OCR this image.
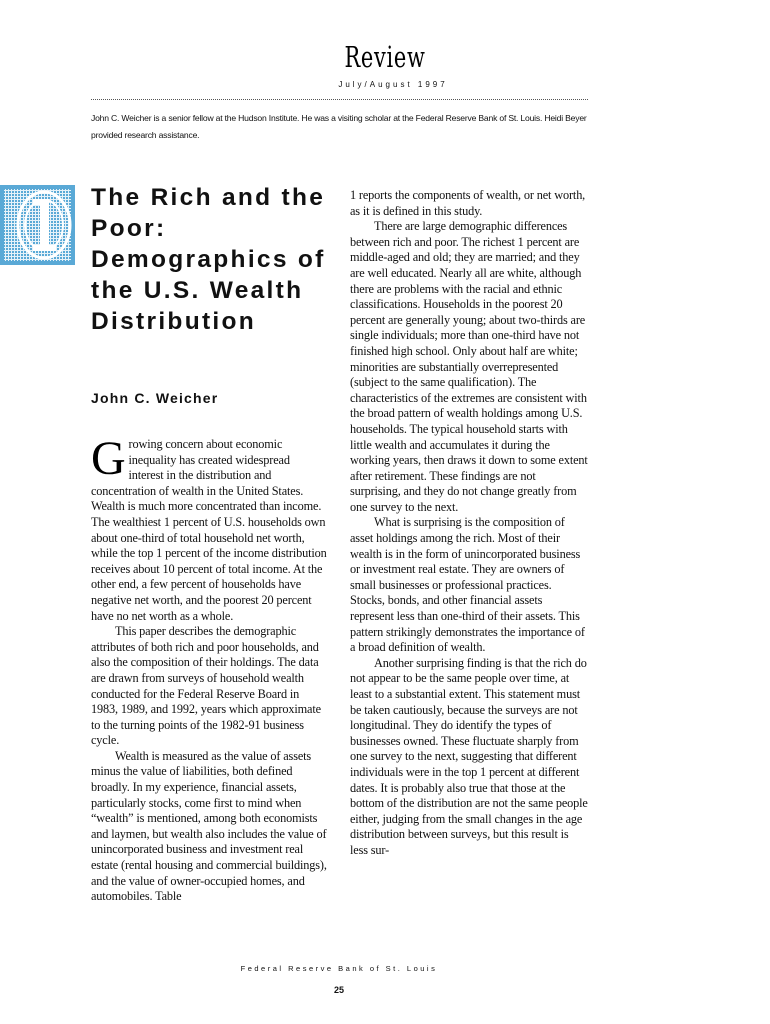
Review
July/August 1997
John C. Weicher is a senior fellow at the Hudson Institute. He was a visiting scholar at the Federal Reserve Bank of St. Louis. Heidi Beyer provided research assistance.
The Rich and the Poor: Demographics of the U.S. Wealth Distribution
John C. Weicher

Growing concern about economic inequality has created widespread interest in the distribution and concentration of wealth in the United States. Wealth is much more concentrated than income. The wealthiest 1 percent of U.S. households own about one-third of total household net worth, while the top 1 percent of the income distribution receives about 10 percent of total income. At the other end, a few percent of households have negative net worth, and the poorest 20 percent have no net worth as a whole.

This paper describes the demographic attributes of both rich and poor households, and also the composition of their holdings. The data are drawn from surveys of household wealth conducted for the Federal Reserve Board in 1983, 1989, and 1992, years which approximate to the turning points of the 1982-91 business cycle.

Wealth is measured as the value of assets minus the value of liabilities, both defined broadly. In my experience, financial assets, particularly stocks, come first to mind when “wealth” is mentioned, among both economists and laymen, but wealth also includes the value of unincorporated business and investment real estate (rental housing and commercial buildings), and the value of owner-occupied homes, and automobiles. Table

1 reports the components of wealth, or net worth, as it is defined in this study.

There are large demographic differences between rich and poor. The richest 1 percent are middle-aged and old; they are married; and they are well educated. Nearly all are white, although there are problems with the racial and ethnic classifications. Households in the poorest 20 percent are generally young; about two-thirds are single individuals; more than one-third have not finished high school. Only about half are white; minorities are substantially overrepresented (subject to the same qualification). The characteristics of the extremes are consistent with the broad pattern of wealth holdings among U.S. households. The typical household starts with little wealth and accumulates it during the working years, then draws it down to some extent after retirement. These findings are not surprising, and they do not change greatly from one survey to the next.

What is surprising is the composition of asset holdings among the rich. Most of their wealth is in the form of unincorporated business or investment real estate. They are owners of small businesses or professional practices. Stocks, bonds, and other financial assets represent less than one-third of their assets. This pattern strikingly demonstrates the importance of a broad definition of wealth.

Another surprising finding is that the rich do not appear to be the same people over time, at least to a substantial extent. This statement must be taken cautiously, because the surveys are not longitudinal. They do identify the types of businesses owned. These fluctuate sharply from one survey to the next, suggesting that different individuals were in the top 1 percent at different dates. It is probably also true that those at the bottom of the distribution are not the same people either, judging from the small changes in the age distribution between surveys, but this result is less sur-

Federal Reserve Bank of St. Louis
25
